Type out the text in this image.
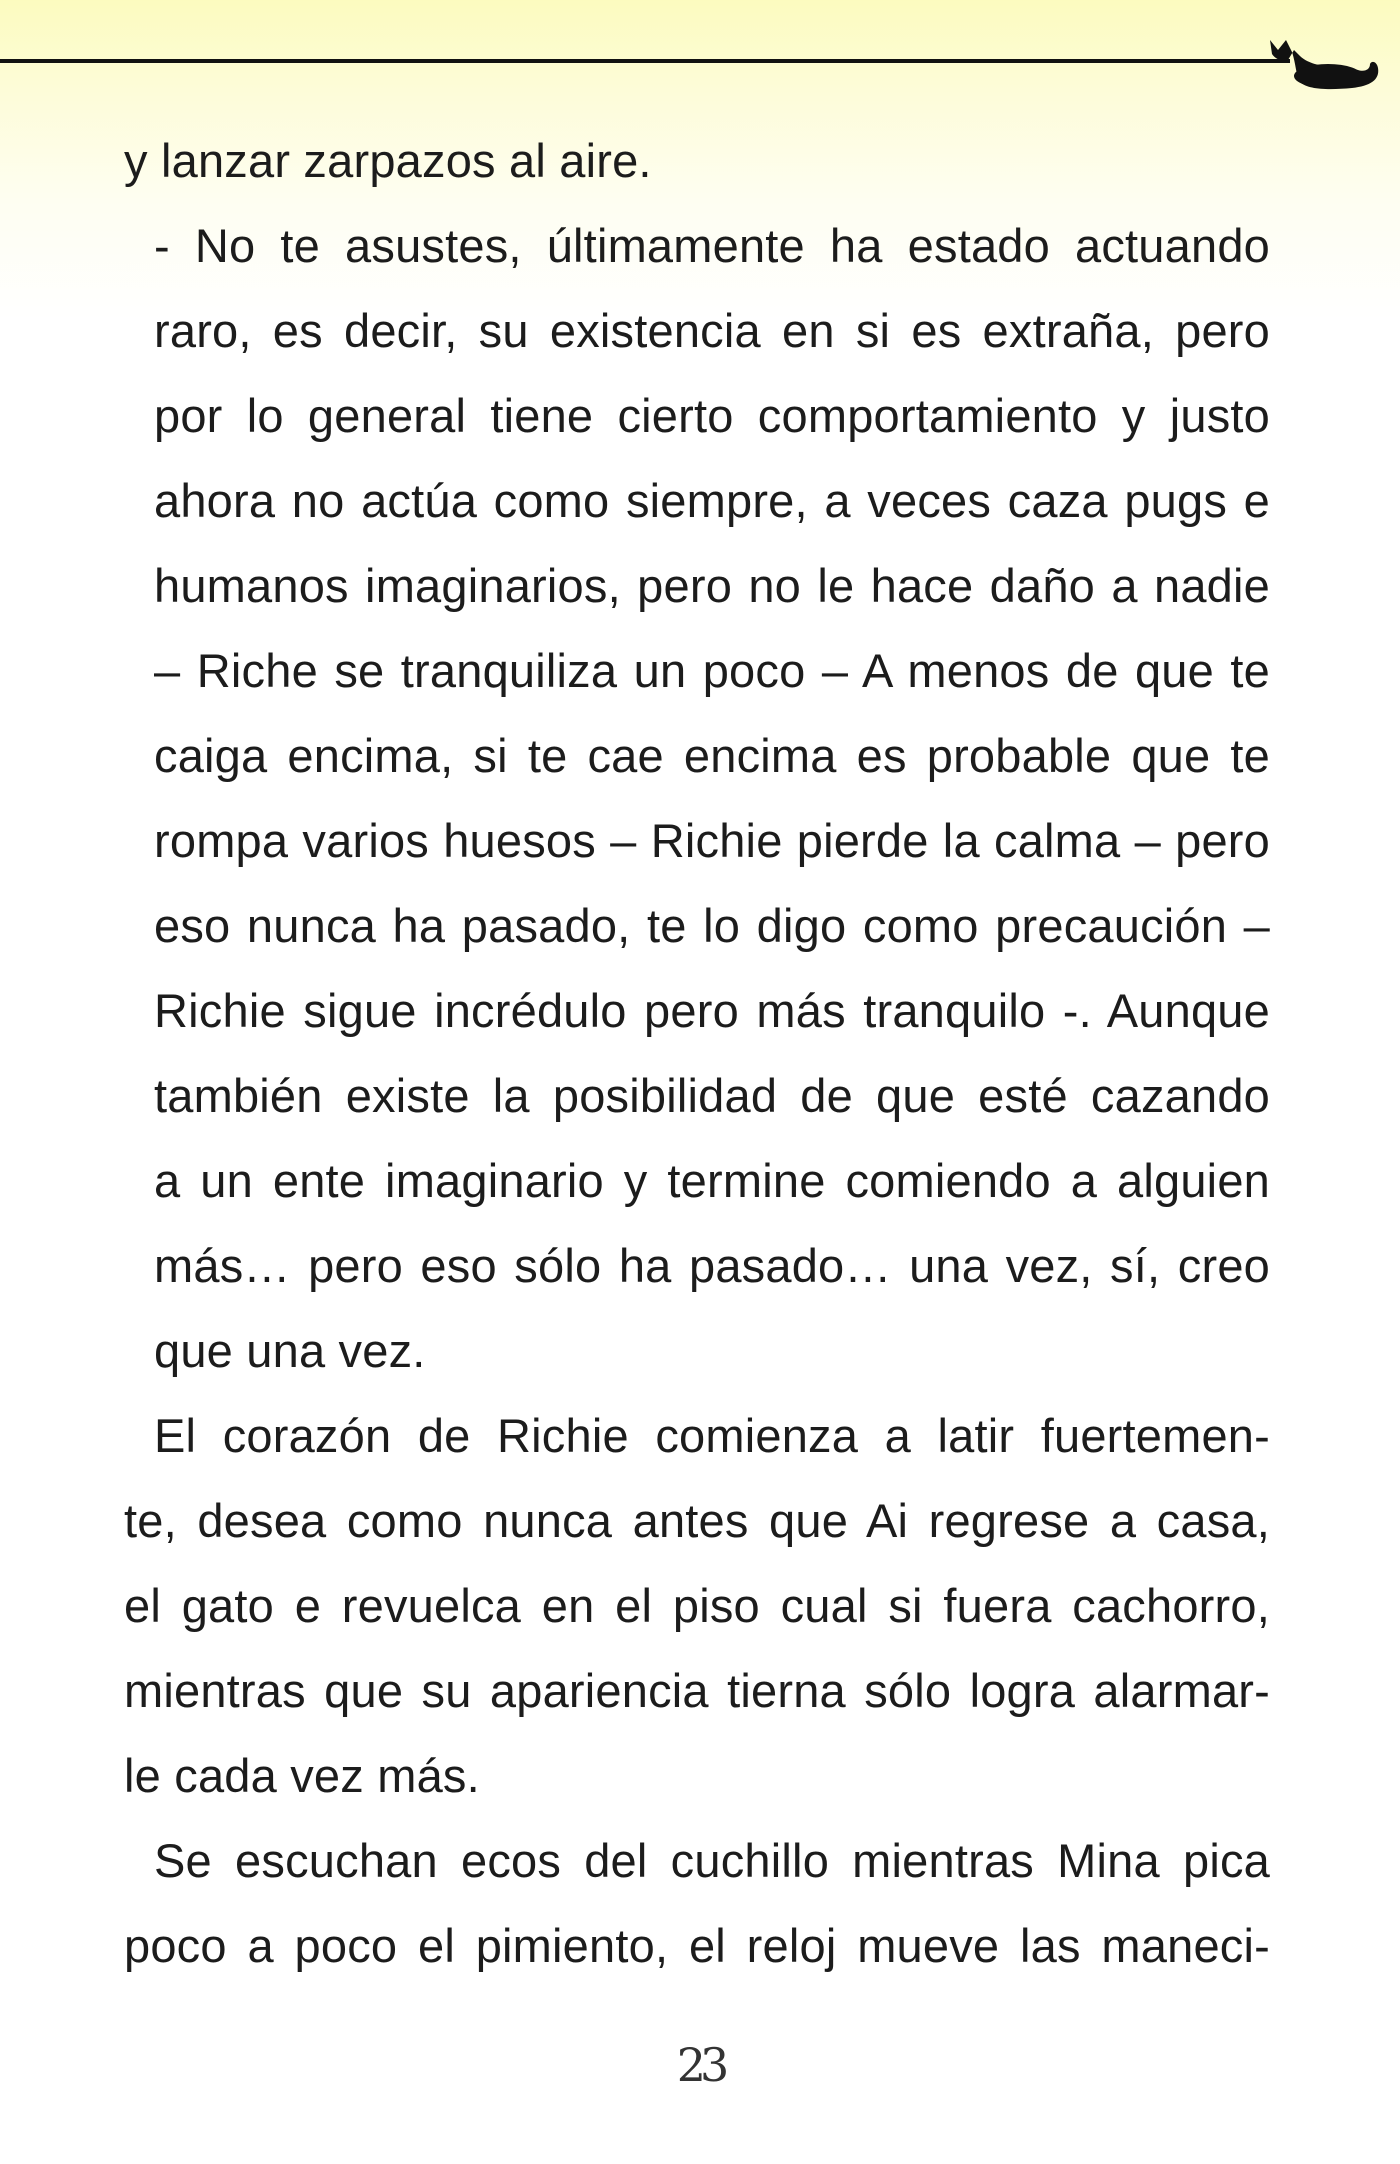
y lanzar zarpazos al aire.
- No te asustes, últimamente ha estado actuando
raro, es decir, su existencia en si es extraña, pero
por lo general tiene cierto comportamiento y justo
ahora no actúa como siempre, a veces caza pugs e
humanos imaginarios, pero no le hace daño a nadie
– Riche se tranquiliza un poco – A menos de que te
caiga encima, si te cae encima es probable que te
rompa varios huesos – Richie pierde la calma – pero
eso nunca ha pasado, te lo digo como precaución –
Richie sigue incrédulo pero más tranquilo -. Aunque
también existe la posibilidad de que esté cazando
a un ente imaginario y termine comiendo a alguien
más… pero eso sólo ha pasado… una vez, sí, creo
que una vez.
El corazón de Richie comienza a latir fuertemen-
te, desea como nunca antes que Ai regrese a casa,
el gato e revuelca en el piso cual si fuera cachorro,
mientras que su apariencia tierna sólo logra alarmar-
le cada vez más.
Se escuchan ecos del cuchillo mientras Mina pica
poco a poco el pimiento, el reloj mueve las maneci-
23
